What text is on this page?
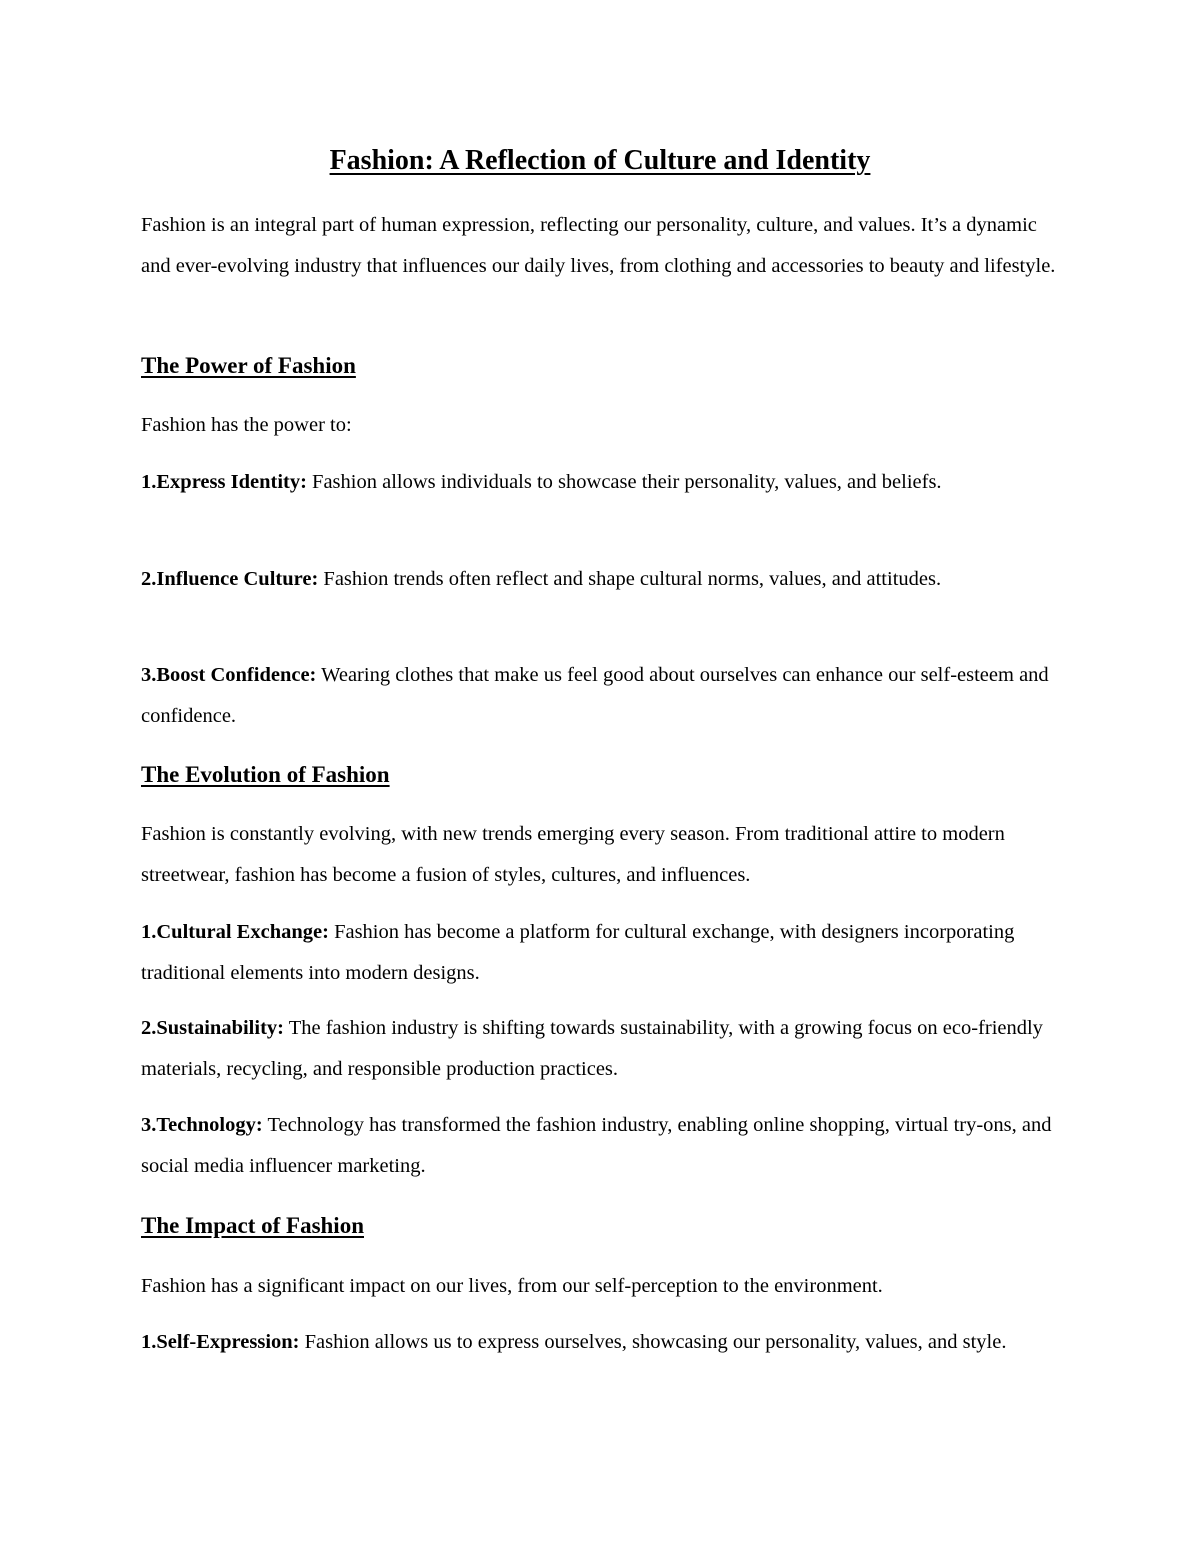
Fashion: A Reflection of Culture and Identity

Fashion is an integral part of human expression, reflecting our personality, culture, and values. It’s a dynamic and ever-evolving industry that influences our daily lives, from clothing and accessories to beauty and lifestyle.

The Power of Fashion

Fashion has the power to:

1.Express Identity: Fashion allows individuals to showcase their personality, values, and beliefs.

2.Influence Culture: Fashion trends often reflect and shape cultural norms, values, and attitudes.

3.Boost Confidence: Wearing clothes that make us feel good about ourselves can enhance our self-esteem and confidence.

The Evolution of Fashion

Fashion is constantly evolving, with new trends emerging every season. From traditional attire to modern streetwear, fashion has become a fusion of styles, cultures, and influences.

1.Cultural Exchange: Fashion has become a platform for cultural exchange, with designers incorporating traditional elements into modern designs.

2.Sustainability: The fashion industry is shifting towards sustainability, with a growing focus on eco-friendly materials, recycling, and responsible production practices.

3.Technology: Technology has transformed the fashion industry, enabling online shopping, virtual try-ons, and social media influencer marketing.

The Impact of Fashion

Fashion has a significant impact on our lives, from our self-perception to the environment.

1.Self-Expression: Fashion allows us to express ourselves, showcasing our personality, values, and style.
